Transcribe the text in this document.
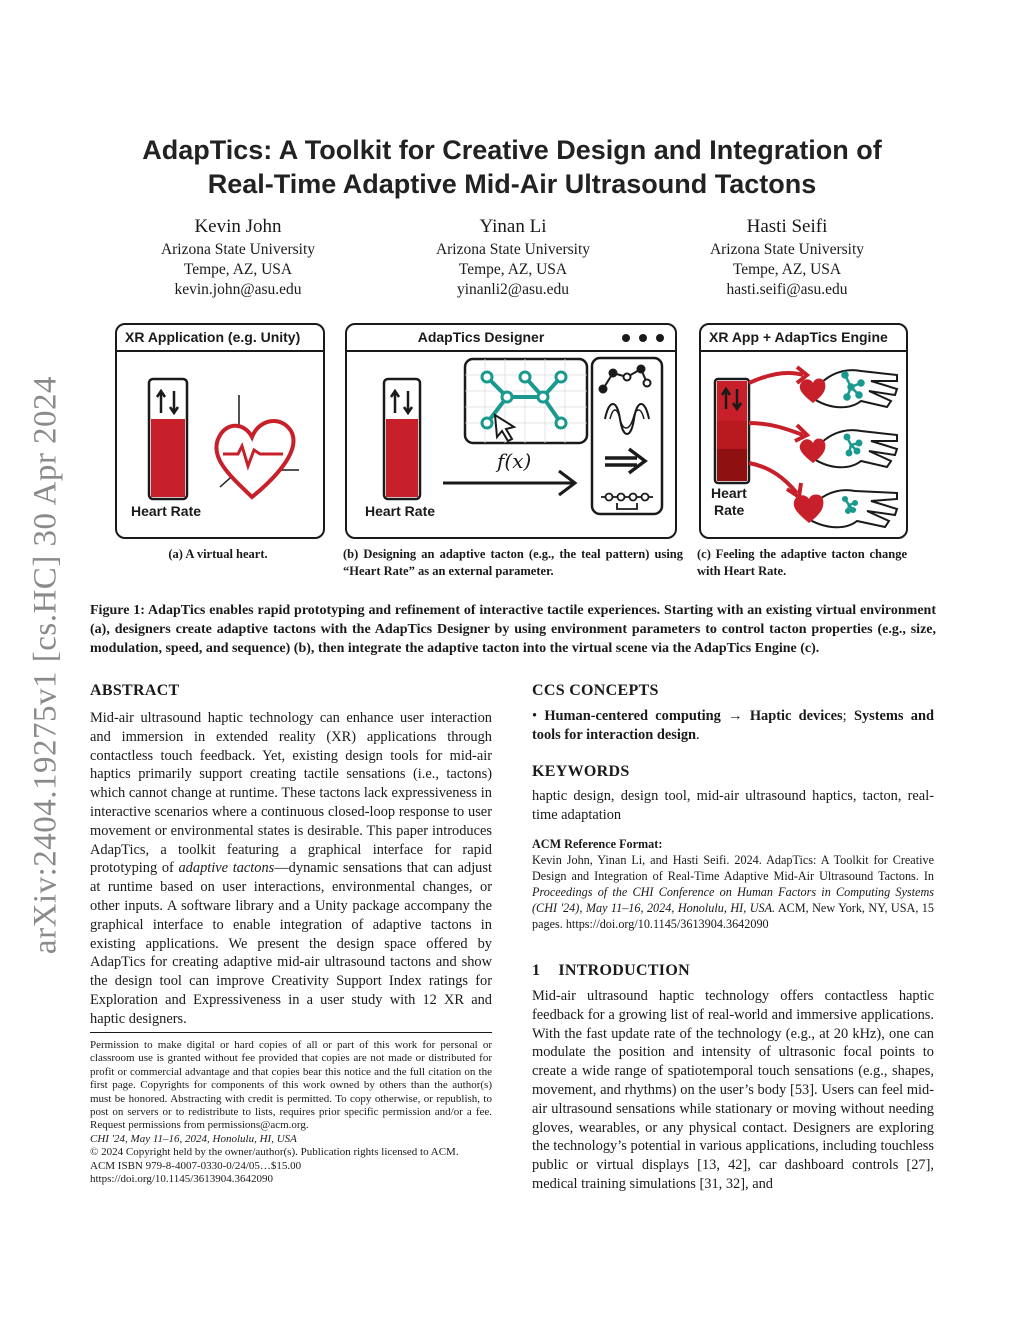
arXiv:2404.19275v1 [cs.HC] 30 Apr 2024
AdapTics: A Toolkit for Creative Design and Integration of
Real-Time Adaptive Mid-Air Ultrasound Tactons
Kevin John
Arizona State University
Tempe, AZ, USA
kevin.john@asu.edu
Yinan Li
Arizona State University
Tempe, AZ, USA
yinanli2@asu.edu
Hasti Seifi
Arizona State University
Tempe, AZ, USA
hasti.seifi@asu.edu
XR Application (e.g. Unity)
Heart Rate
AdapTics Designer
f(x)
Heart Rate
XR App + AdapTics Engine
Heart
Rate
(a) A virtual heart.	(b) Designing an adaptive tacton (e.g., the teal pattern) using “Heart Rate” as an external parameter.
(c) Feeling the adaptive tacton change with Heart Rate.
Figure 1: AdapTics enables rapid prototyping and refinement of interactive tactile experiences. Starting with an existing virtual environment (a), designers create adaptive tactons with the AdapTics Designer by using environment parameters to control tacton properties (e.g., size, modulation, speed, and sequence) (b), then integrate the adaptive tacton into the virtual scene via the AdapTics Engine (c).
ABSTRACT
Mid-air ultrasound haptic technology can enhance user interaction and immersion in extended reality (XR) applications through contactless touch feedback. Yet, existing design tools for mid-air haptics primarily support creating tactile sensations (i.e., tactons) which cannot change at runtime. These tactons lack expressiveness in interactive scenarios where a continuous closed-loop response to user movement or environmental states is desirable. This paper introduces AdapTics, a toolkit featuring a graphical interface for rapid prototyping of adaptive tactons—dynamic sensations that can adjust at runtime based on user interactions, environmental changes, or other inputs. A software library and a Unity package accompany the graphical interface to enable integration of adaptive tactons in existing applications. We present the design space offered by AdapTics for creating adaptive mid-air ultrasound tactons and show the design tool can improve Creativity Support Index ratings for Exploration and Expressiveness in a user study with 12 XR and haptic designers.
Permission to make digital or hard copies of all or part of this work for personal or classroom use is granted without fee provided that copies are not made or distributed for profit or commercial advantage and that copies bear this notice and the full citation on the first page. Copyrights for components of this work owned by others than the author(s) must be honored. Abstracting with credit is permitted. To copy otherwise, or republish, to post on servers or to redistribute to lists, requires prior specific permission and/or a fee. Request permissions from permissions@acm.org.
CHI '24, May 11–16, 2024, Honolulu, HI, USA
© 2024 Copyright held by the owner/author(s). Publication rights licensed to ACM.
ACM ISBN 979-8-4007-0330-0/24/05…$15.00
https://doi.org/10.1145/3613904.3642090
CCS CONCEPTS
• Human-centered computing → Haptic devices; Systems and tools for interaction design.
KEYWORDS
haptic design, design tool, mid-air ultrasound haptics, tacton, real-time adaptation
ACM Reference Format:
Kevin John, Yinan Li, and Hasti Seifi. 2024. AdapTics: A Toolkit for Creative Design and Integration of Real-Time Adaptive Mid-Air Ultrasound Tactons. In Proceedings of the CHI Conference on Human Factors in Computing Systems (CHI '24), May 11–16, 2024, Honolulu, HI, USA. ACM, New York, NY, USA, 15 pages. https://doi.org/10.1145/3613904.3642090
1 INTRODUCTION
Mid-air ultrasound haptic technology offers contactless haptic feedback for a growing list of real-world and immersive applications. With the fast update rate of the technology (e.g., at 20 kHz), one can modulate the position and intensity of ultrasonic focal points to create a wide range of spatiotemporal touch sensations (e.g., shapes, movement, and rhythms) on the user’s body [53]. Users can feel mid-air ultrasound sensations while stationary or moving without needing gloves, wearables, or any physical contact. Designers are exploring the technology’s potential in various applications, including touchless public or virtual displays [13, 42], car dashboard controls [27], medical training simulations [31, 32], and
